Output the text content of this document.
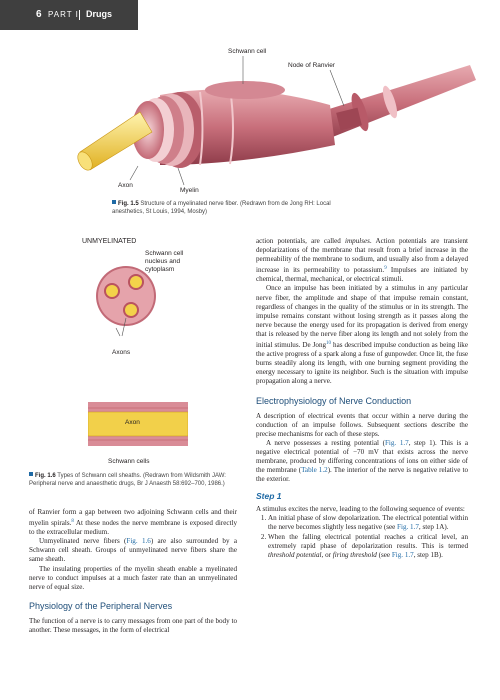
6 PART I Drugs
Schwann cell
Node of Ranvier
Axon
Myelin
Fig. 1.5 Structure of a myelinated nerve fiber. (Redrawn from de Jong RH: Local anesthetics, St Louis, 1994, Mosby)
UNMYELINATED
Schwann cell nucleus and cytoplasm
Axons
Axon
Schwann cells
Fig. 1.6 Types of Schwann cell sheaths. (Redrawn from Wildsmith JAW: Peripheral nerve and anaesthetic drugs, Br J Anaesth 58:692–700, 1986.)

of Ranvier form a gap between two adjoining Schwann cells and their myelin spirals.$^8$ At these nodes the nerve membrane is exposed directly to the extracellular medium.

Unmyelinated nerve fibers (Fig. 1.6) are also surrounded by a Schwann cell sheath. Groups of unmyelinated nerve fibers share the same sheath.

The insulating properties of the myelin sheath enable a myelinated nerve to conduct impulses at a much faster rate than an unmyelinated nerve of equal size.

Physiology of the Peripheral Nerves

The function of a nerve is to carry messages from one part of the body to another. These messages, in the form of electrical

action potentials, are called impulses. Action potentials are transient depolarizations of the membrane that result from a brief increase in the permeability of the membrane to sodium, and usually also from a delayed increase in its permeability to potassium.$^9$ Impulses are initiated by chemical, thermal, mechanical, or electrical stimuli.

Once an impulse has been initiated by a stimulus in any particular nerve fiber, the amplitude and shape of that impulse remain constant, regardless of changes in the quality of the stimulus or in its strength. The impulse remains constant without losing strength as it passes along the nerve because the energy used for its propagation is derived from energy that is released by the nerve fiber along its length and not solely from the initial stimulus. De Jong$^{10}$ has described impulse conduction as being like the active progress of a spark along a fuse of gunpowder. Once lit, the fuse burns steadily along its length, with one burning segment providing the energy necessary to ignite its neighbor. Such is the situation with impulse propagation along a nerve.

Electrophysiology of Nerve Conduction

A description of electrical events that occur within a nerve during the conduction of an impulse follows. Subsequent sections describe the precise mechanisms for each of these steps.

A nerve possesses a resting potential (Fig. 1.7, step 1). This is a negative electrical potential of −70 mV that exists across the nerve membrane, produced by differing concentrations of ions on either side of the membrane (Table 1.2). The interior of the nerve is negative relative to the exterior.

Step 1

A stimulus excites the nerve, leading to the following sequence of events:

1. An initial phase of slow depolarization. The electrical potential within the nerve becomes slightly less negative (see Fig. 1.7, step 1A).
2. When the falling electrical potential reaches a critical level, an extremely rapid phase of depolarization results. This is termed threshold potential, or firing threshold (see Fig. 1.7, step 1B).
